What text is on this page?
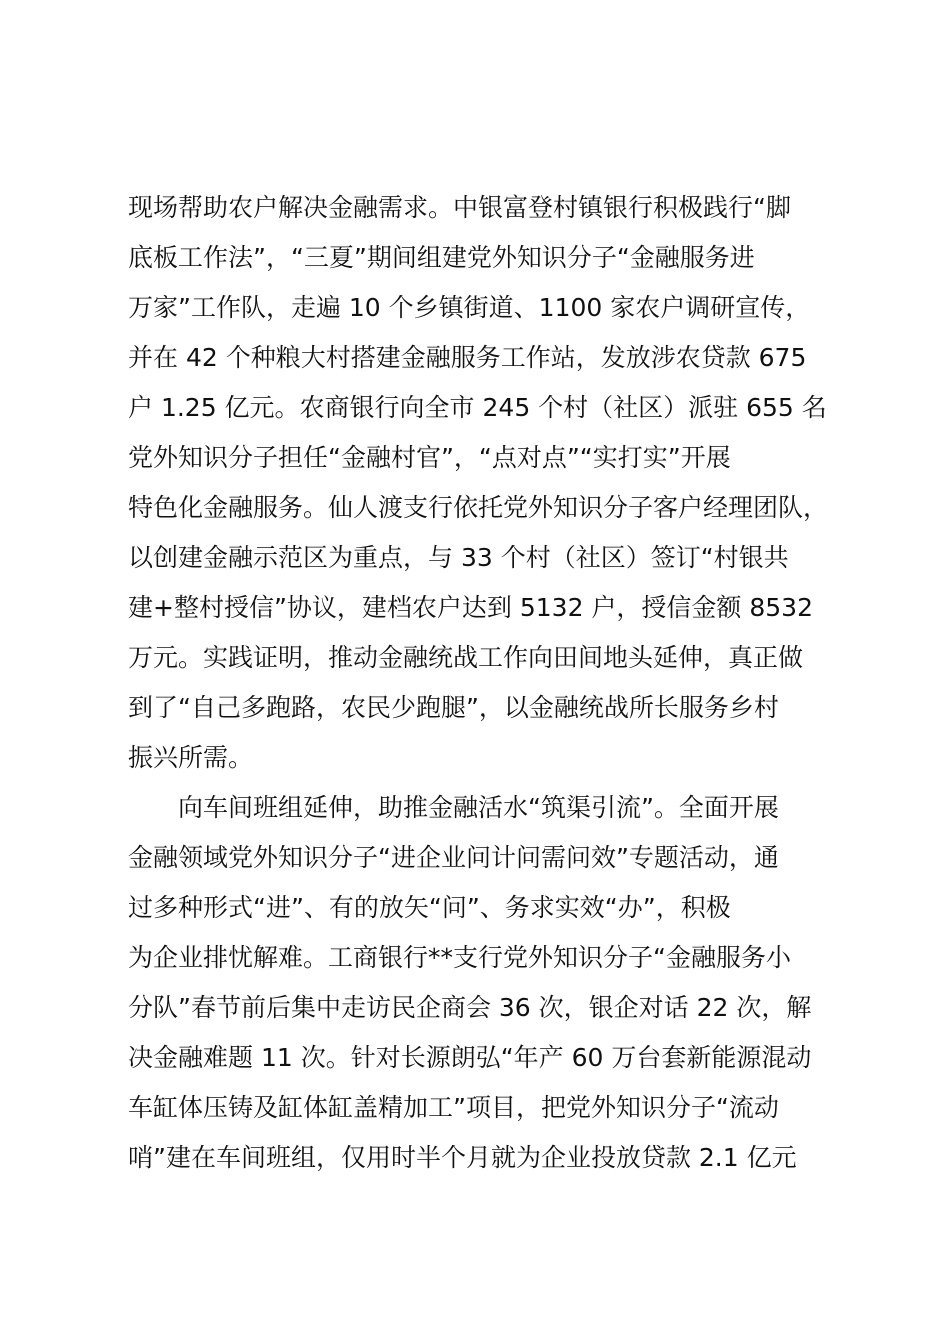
现场帮助农户解决金融需求。中银富登村镇银行积极践行“脚
底板工作法”，“三夏”期间组建党外知识分子“金融服务进
万家”工作队，走遍 10 个乡镇街道、1100 家农户调研宣传，
并在 42 个种粮大村搭建金融服务工作站，发放涉农贷款 675
户 1.25 亿元。农商银行向全市 245 个村（社区）派驻 655 名
党外知识分子担任“金融村官”，“点对点”“实打实”开展
特色化金融服务。仙人渡支行依托党外知识分子客户经理团队，
以创建金融示范区为重点，与 33 个村（社区）签订“村银共
建+整村授信”协议，建档农户达到 5132 户，授信金额 8532
万元。实践证明，推动金融统战工作向田间地头延伸，真正做
到了“自己多跑路，农民少跑腿”，以金融统战所长服务乡村
振兴所需。
向车间班组延伸，助推金融活水“筑渠引流”。全面开展
金融领域党外知识分子“进企业问计问需问效”专题活动，通
过多种形式“进”、有的放矢“问”、务求实效“办”，积极
为企业排忧解难。工商银行**支行党外知识分子“金融服务小
分队”春节前后集中走访民企商会 36 次，银企对话 22 次，解
决金融难题 11 次。针对长源朗弘“年产 60 万台套新能源混动
车缸体压铸及缸体缸盖精加工”项目，把党外知识分子“流动
哨”建在车间班组，仅用时半个月就为企业投放贷款 2.1 亿元
